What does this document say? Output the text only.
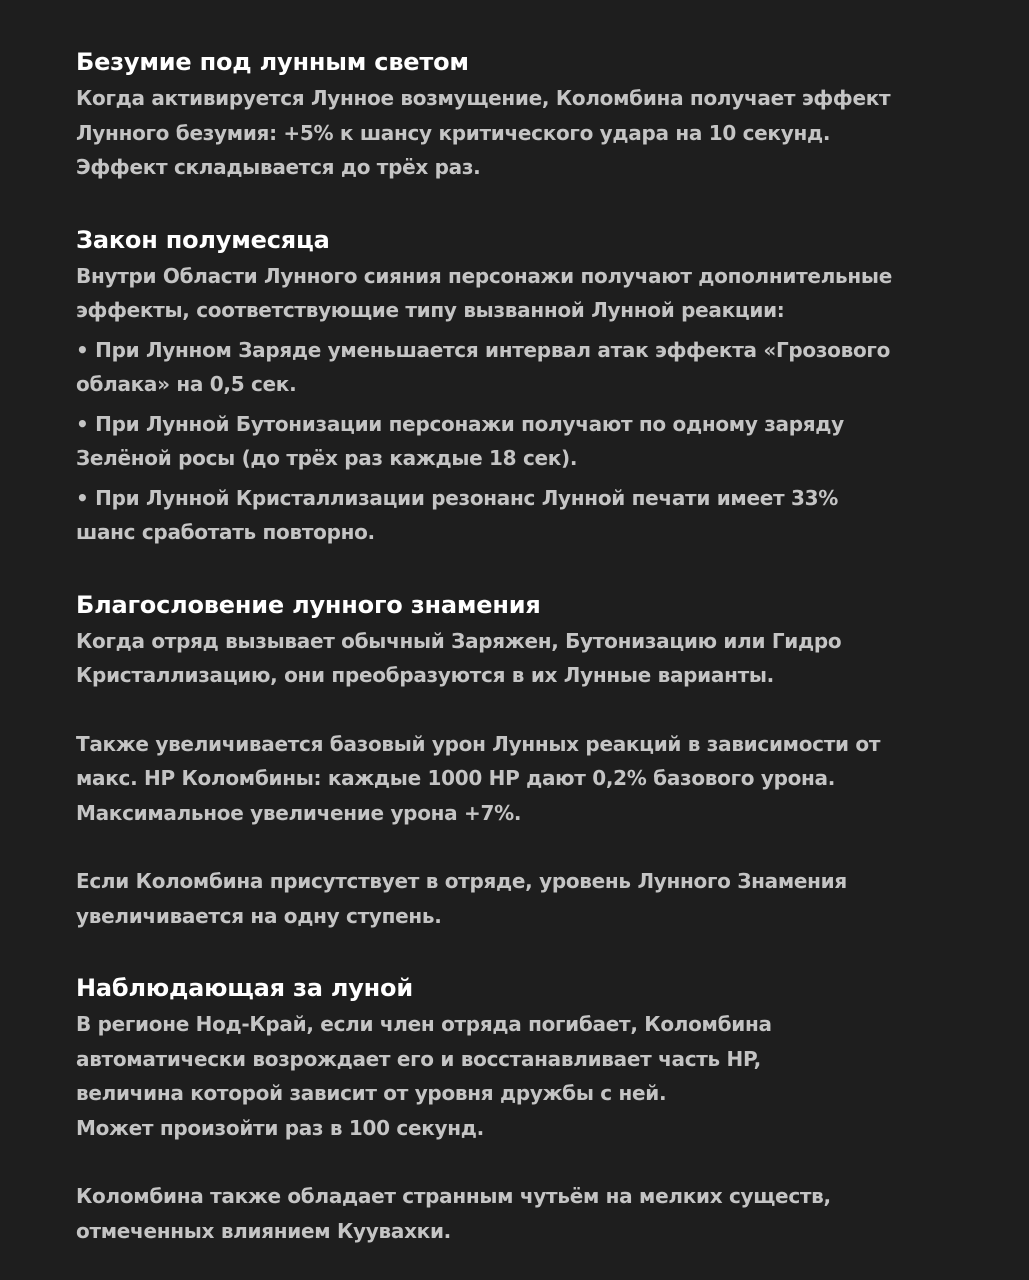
Безумие под лунным светом

Когда активируется Лунное возмущение, Коломбина получает эффект
Лунного безумия: +5% к шансу критического удара на 10 секунд.
Эффект складывается до трёх раз.

Закон полумесяца

Внутри Области Лунного сияния персонажи получают дополнительные
эффекты, соответствующие типу вызванной Лунной реакции:

• При Лунном Заряде уменьшается интервал атак эффекта «Грозового
облака» на 0,5 сек.

• При Лунной Бутонизации персонажи получают по одному заряду
Зелёной росы (до трёх раз каждые 18 сек).

• При Лунной Кристаллизации резонанс Лунной печати имеет 33%
шанс сработать повторно.

Благословение лунного знамения

Когда отряд вызывает обычный Заряжен, Бутонизацию или Гидро
Кристаллизацию, они преобразуются в их Лунные варианты.

Также увеличивается базовый урон Лунных реакций в зависимости от
макс. HP Коломбины: каждые 1000 HP дают 0,2% базового урона.
Максимальное увеличение урона +7%.

Если Коломбина присутствует в отряде, уровень Лунного Знамения
увеличивается на одну ступень.

Наблюдающая за луной

В регионе Нод-Край, если член отряда погибает, Коломбина
автоматически возрождает его и восстанавливает часть HP,
величина которой зависит от уровня дружбы с ней.
Может произойти раз в 100 секунд.

Коломбина также обладает странным чутьём на мелких существ,
отмеченных влиянием Куувахки.
